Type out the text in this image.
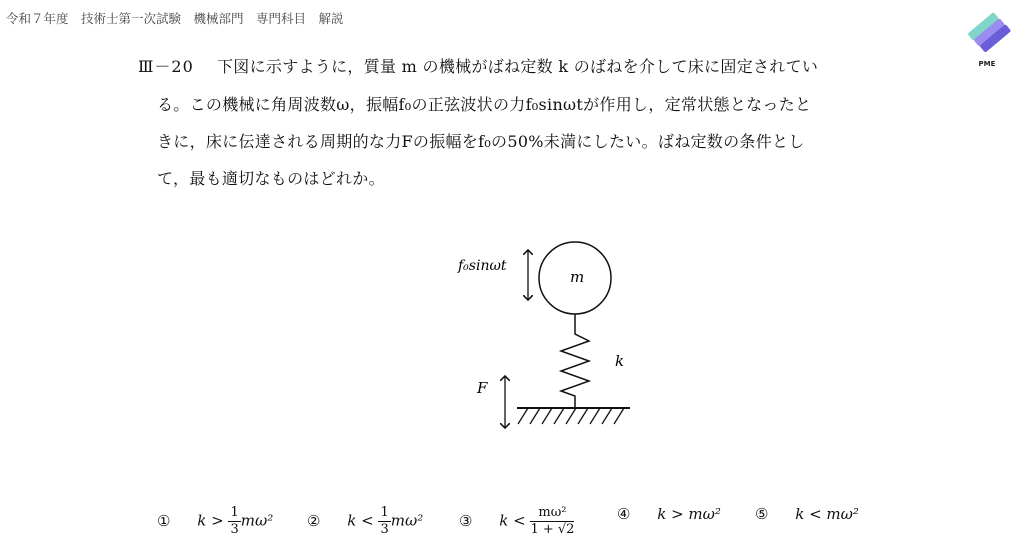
令和７年度　技術士第一次試験　機械部門　専門科目　解説
PME
Ⅲ－20 下図に示すように，質量 m の機械がばね定数 k のばねを介して床に固定されてい
る。この機械に角周波数ω，振幅f₀の正弦波状の力f₀sinωtが作用し，定常状態となったと
きに，床に伝達される周期的な力Fの振幅をf₀の50%未満にしたい。ばね定数の条件とし
て，最も適切なものはどれか。
f₀sinωt
m
k
F
① $k > \frac{1}{3} m\omega^2$ ② $k < \frac{1}{3} m\omega^2$ ③ $k < \frac{\text{mω²}}{1 + √2}$	④ k > mω² ⑤ k < mω²
